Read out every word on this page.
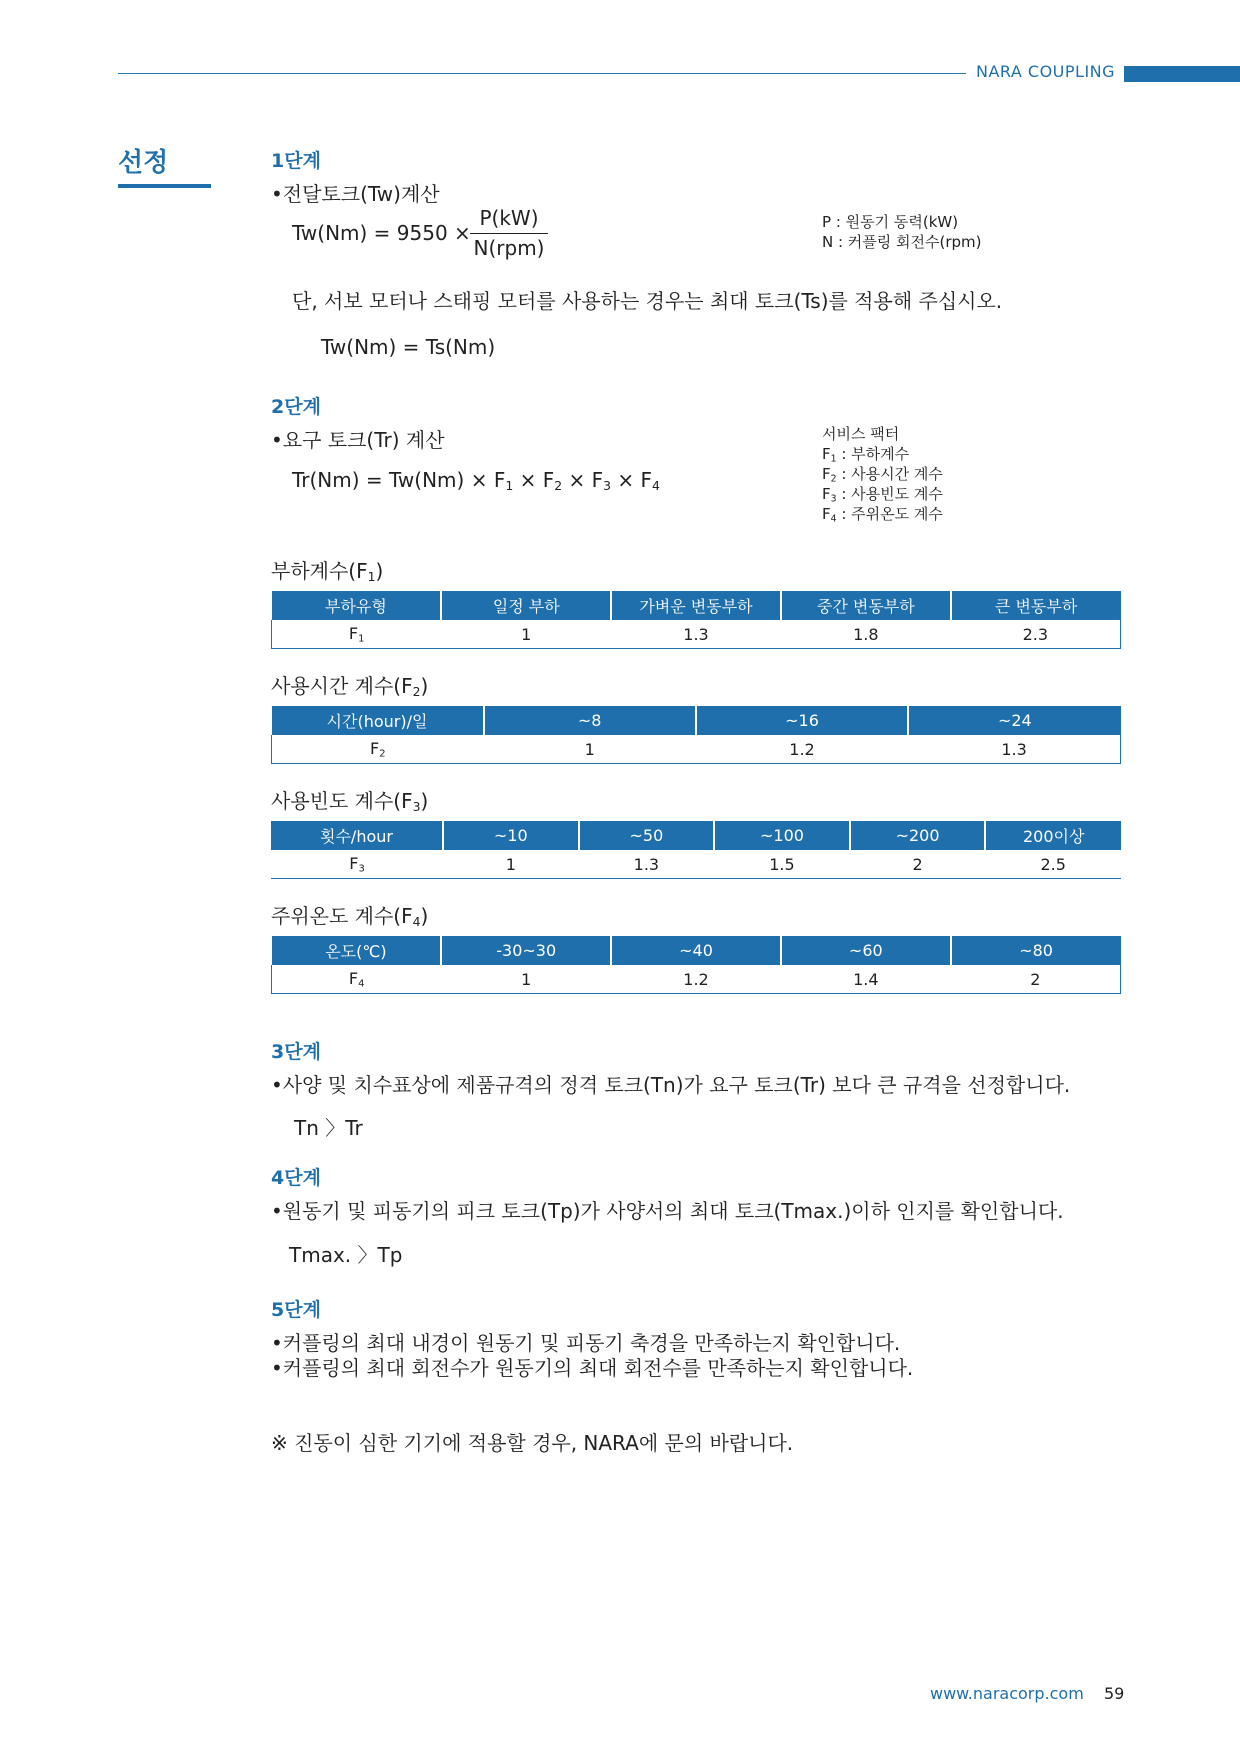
NARA COUPLING
선정	1단계
•전달토크(Tw)계산
Tw(Nm) = 9550 ×
P(kW)
N(rpm)
P : 원동기 동력(kW)
N : 커플링 회전수(rpm)
단, 서보 모터나 스태핑 모터를 사용하는 경우는 최대 토크(Ts)를 적용해 주십시오.
Tw(Nm) = Ts(Nm)
2단계
•요구 토크(Tr) 계산
$Tr(Nm) = Tw(Nm) \times F_1 \times F_2 \times F_3 \times F_4$
서비스 팩터
$F_1$ : 부하계수
$F_2$ : 사용시간 계수
$F_3$ : 사용빈도 계수
$F_4$ : 주위온도 계수
부하계수$(F_1)$
부하유형	일정 부하	가벼운 변동부하	중간 변동부하	큰 변동부하
$F_1$	1	1.3	1.8	2.3
사용시간 계수$(F_2)$
시간(hour)/일	~8	~16	~24
$F_2$	1	1.2	1.3
사용빈도 계수$(F_3)$
횟수/hour	~10	~50	~100	~200	200이상
$F_3$	1	1.3	1.5	2	2.5
주위온도 계수$(F_4)$
온도(℃)	-30~30	~40	~60	~80
$F_4$	1	1.2	1.4	2
3단계
•사양 및 치수표상에 제품규격의 정격 토크(Tn)가 요구 토크(Tr) 보다 큰 규격을 선정합니다.
Tn 〉Tr
4단계
•원동기 및 피동기의 피크 토크(Tp)가 사양서의 최대 토크(Tmax.)이하 인지를 확인합니다.
Tmax. 〉Tp
5단계
•커플링의 최대 내경이 원동기 및 피동기 축경을 만족하는지 확인합니다.
•커플링의 최대 회전수가 원동기의 최대 회전수를 만족하는지 확인합니다.
※ 진동이 심한 기기에 적용할 경우, NARA에 문의 바랍니다.
www.naracorp.com 59
